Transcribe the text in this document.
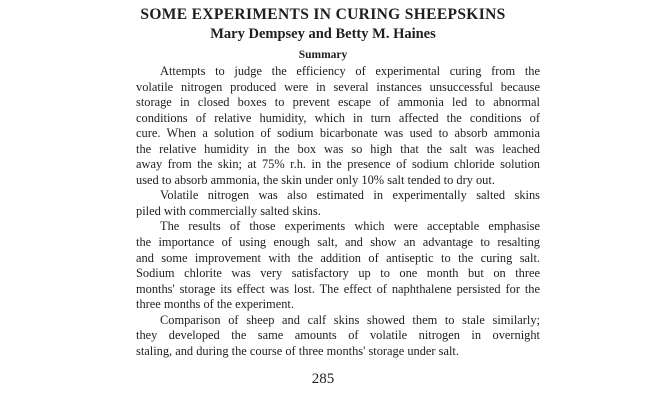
SOME EXPERIMENTS IN CURING SHEEPSKINS
Mary Dempsey and Betty M. Haines
Summary

Attempts to judge the efficiency of experimental curing from the
volatile nitrogen produced were in several instances unsuccessful because
storage in closed boxes to prevent escape of ammonia led to abnormal
conditions of relative humidity, which in turn affected the conditions of
cure. When a solution of sodium bicarbonate was used to absorb ammonia
the relative humidity in the box was so high that the salt was leached
away from the skin; at 75% r.h. in the presence of sodium chloride solution
used to absorb ammonia, the skin under only 10% salt tended to dry out.

Volatile nitrogen was also estimated in experimentally salted skins
piled with commercially salted skins.

The results of those experiments which were acceptable emphasise
the importance of using enough salt, and show an advantage to resalting
and some improvement with the addition of antiseptic to the curing salt.
Sodium chlorite was very satisfactory up to one month but on three
months' storage its effect was lost. The effect of naphthalene persisted for the
three months of the experiment.

Comparison of sheep and calf skins showed them to stale similarly;
they developed the same amounts of volatile nitrogen in overnight
staling, and during the course of three months' storage under salt.

285
